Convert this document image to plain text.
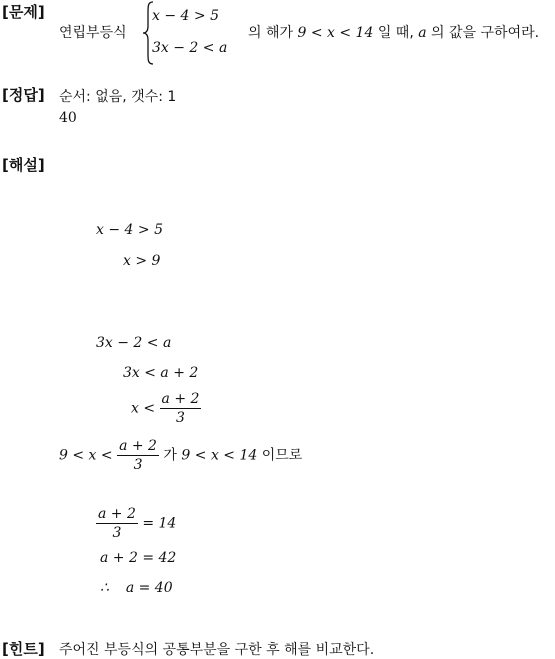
[문제]
연립부등식
x − 4 > 5
3x − 2 < a
의 해가 9 < x < 14 일 때, a 의 값을 구하여라.
[정답] 순서: 없음, 갯수: 1
40
[해설]
x − 4 > 5
x > 9
3x − 2 < a
3x < a + 2
$x < \frac{a + 2}{3}$
$9 < x < \frac{a + 2}{3}$ 가 9 < x < 14 이므로
$\frac{a + 2}{3} = 14$
a + 2 = 42
∴ a = 40
[힌트] 주어진 부등식의 공통부분을 구한 후 해를 비교한다.
